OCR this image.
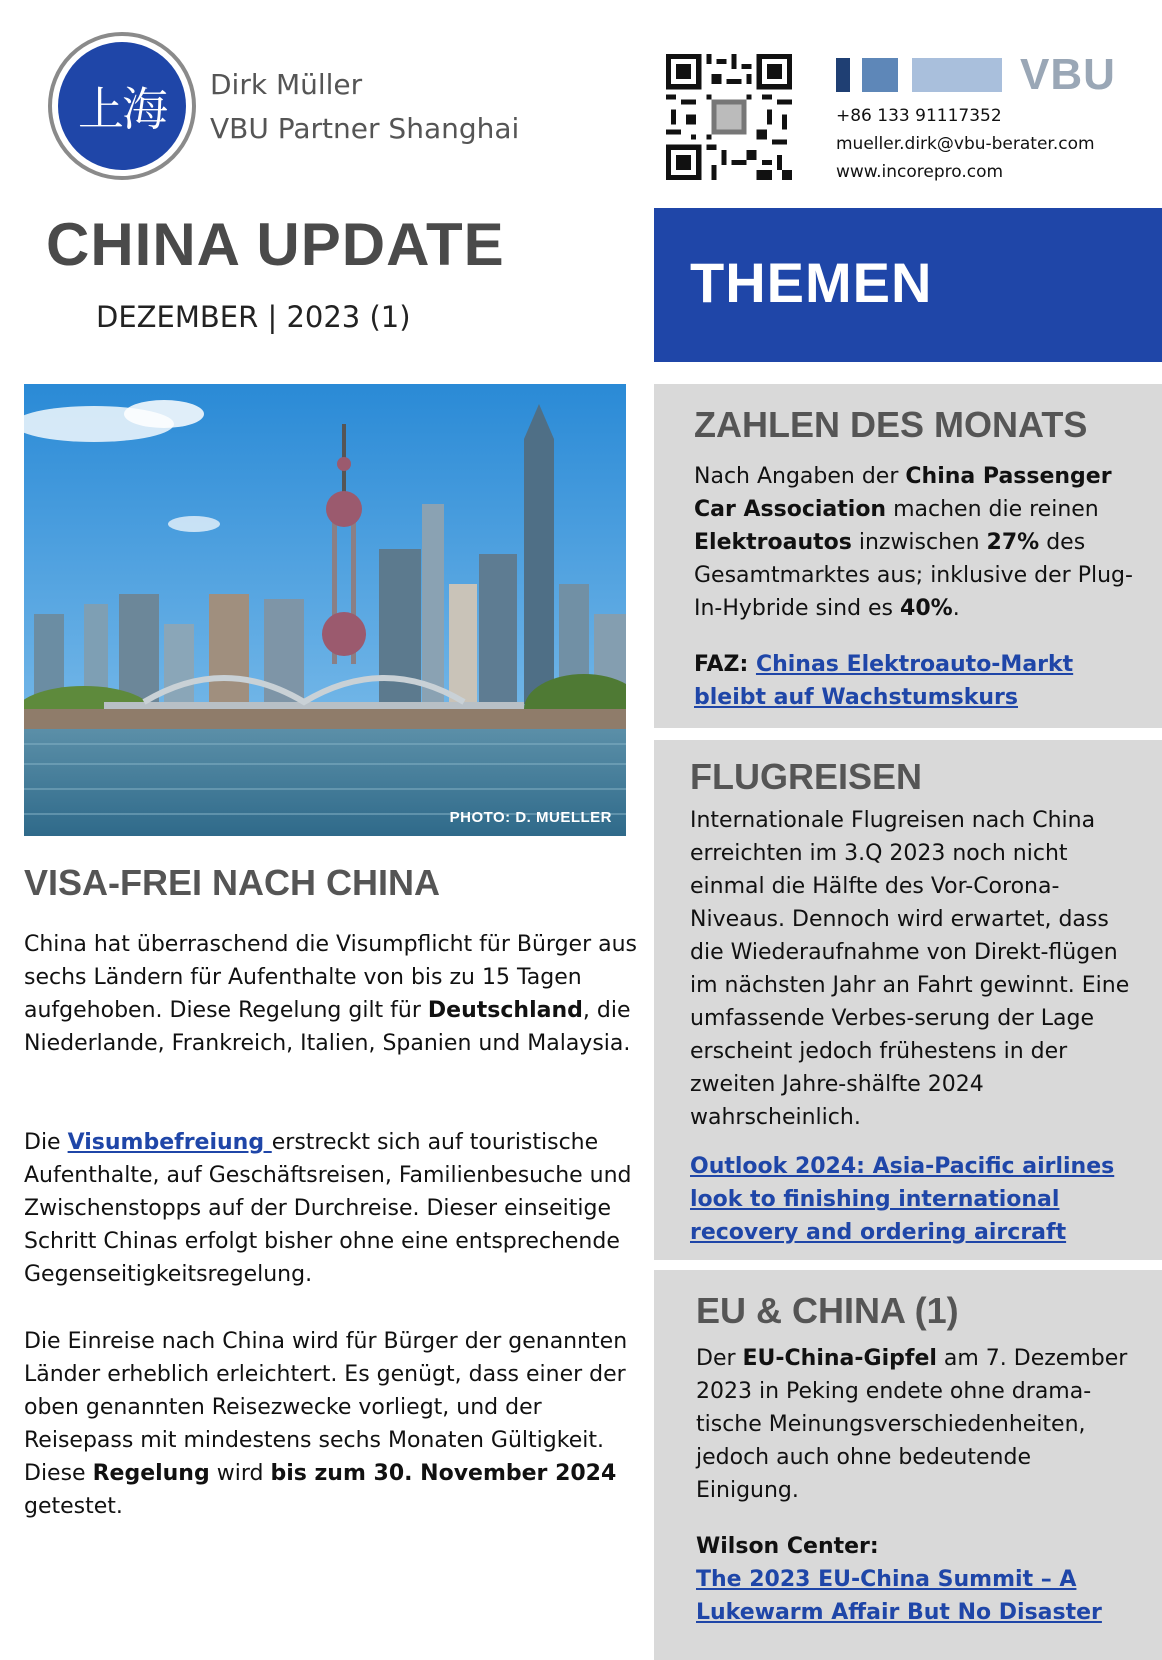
上海	Dirk Müller
VBU Partner Shanghai
VBU
+86 133 91117352
mueller.dirk@vbu-berater.com
www.incorepro.com
CHINA UPDATE
DEZEMBER | 2023 (1)
THEMEN
PHOTO: D. MUELLER
VISA-FREI NACH CHINA
China hat überraschend die Visumpflicht für Bürger aus sechs Ländern für Aufenthalte von bis zu 15 Tagen aufgehoben. Diese Regelung gilt für Deutschland, die Niederlande, Frankreich, Italien, Spanien und Malaysia.
Die Visumbefreiung erstreckt sich auf touristische Aufenthalte, auf Geschäftsreisen, Familienbesuche und Zwischenstopps auf der Durchreise. Dieser einseitige Schritt Chinas erfolgt bisher ohne eine entsprechende Gegenseitigkeitsregelung.
Die Einreise nach China wird für Bürger der genannten Länder erheblich erleichtert. Es genügt, dass einer der oben genannten Reisezwecke vorliegt, und der Reisepass mit mindestens sechs Monaten Gültigkeit. Diese Regelung wird bis zum 30. November 2024 getestet.
ZAHLEN DES MONATS
Nach Angaben der China Passenger Car Association machen die reinen Elektroautos inzwischen 27% des Gesamtmarktes aus; inklusive der Plug-In-Hybride sind es 40%.
FAZ: Chinas Elektroauto-Markt bleibt auf Wachstumskurs
FLUGREISEN
Internationale Flugreisen nach China erreichten im 3.Q 2023 noch nicht einmal die Hälfte des Vor-Corona-Niveaus. Dennoch wird erwartet, dass die Wiederaufnahme von Direkt-flügen im nächsten Jahr an Fahrt gewinnt. Eine umfassende Verbes-serung der Lage erscheint jedoch frühestens in der zweiten Jahre-shälfte 2024 wahrscheinlich.
Outlook 2024: Asia-Pacific airlines look to finishing international recovery and ordering aircraft
EU & CHINA (1)
Der EU-China-Gipfel am 7. Dezember 2023 in Peking endete ohne drama-tische Meinungsverschiedenheiten, jedoch auch ohne bedeutende Einigung.
Wilson Center:
The 2023 EU-China Summit – A Lukewarm Affair But No Disaster
